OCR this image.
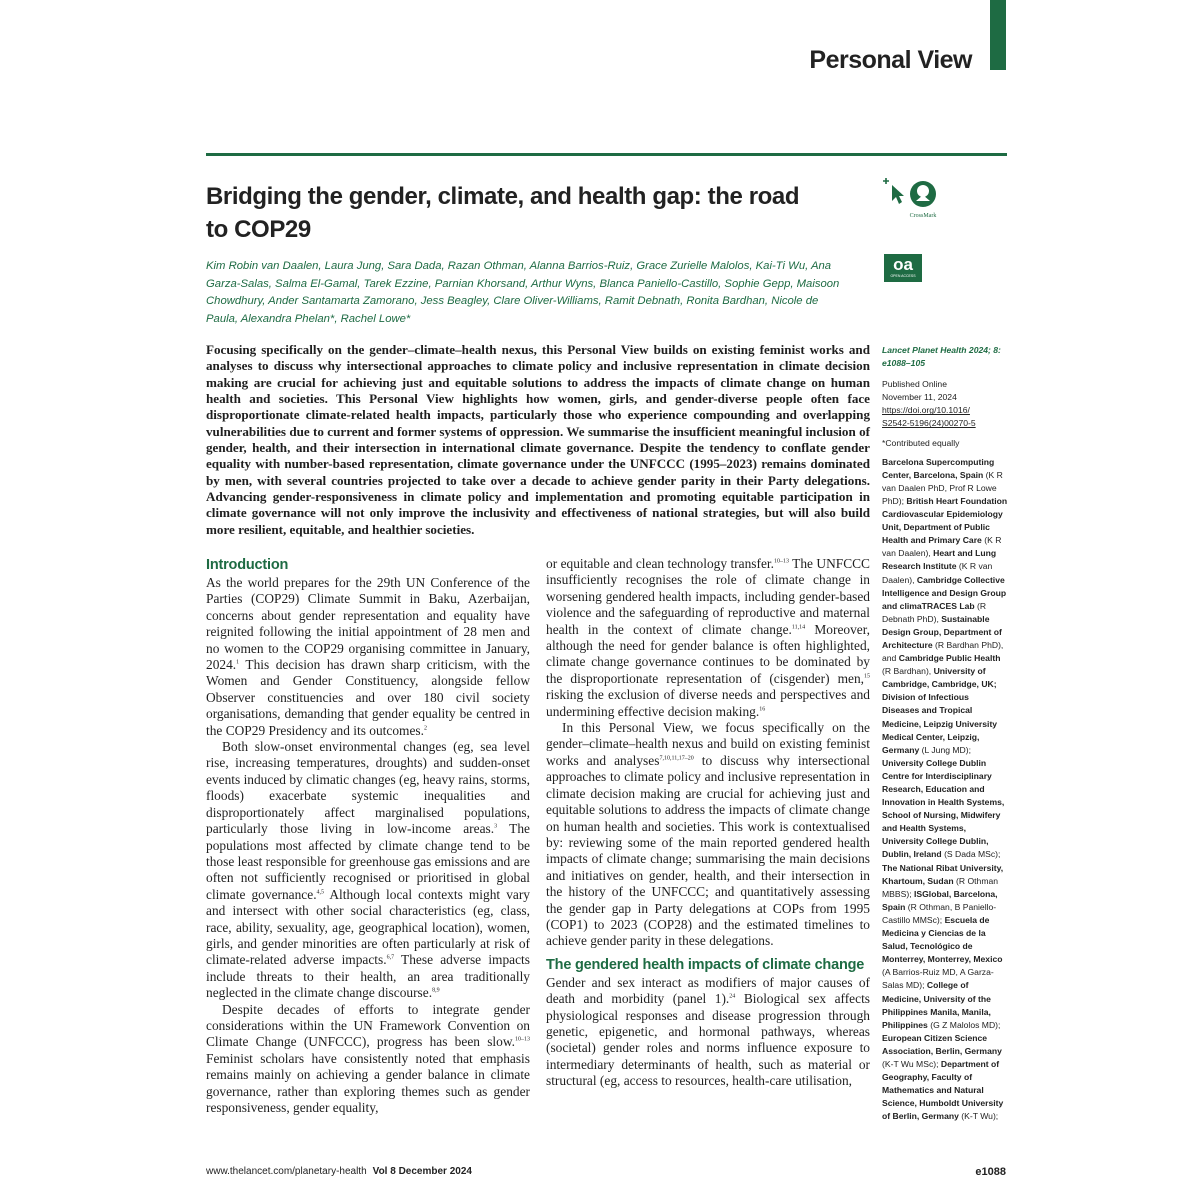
Personal View
Bridging the gender, climate, and health gap: the road to COP29	CrossMark
oa
OPEN ACCESS
Kim Robin van Daalen, Laura Jung, Sara Dada, Razan Othman, Alanna Barrios-Ruiz, Grace Zurielle Malolos, Kai-Ti Wu, Ana Garza-Salas, Salma El-Gamal, Tarek Ezzine, Parnian Khorsand, Arthur Wyns, Blanca Paniello-Castillo, Sophie Gepp, Maisoon Chowdhury, Ander Santamarta Zamorano, Jess Beagley, Clare Oliver-Williams, Ramit Debnath, Ronita Bardhan, Nicole de Paula, Alexandra Phelan*, Rachel Lowe*
Focusing specifically on the gender–climate–health nexus, this Personal View builds on existing feminist works and analyses to discuss why intersectional approaches to climate policy and inclusive representation in climate decision making are crucial for achieving just and equitable solutions to address the impacts of climate change on human health and societies. This Personal View highlights how women, girls, and gender-diverse people often face disproportionate climate-related health impacts, particularly those who experience compounding and overlapping vulnerabilities due to current and former systems of oppression. We summarise the insufficient meaningful inclusion of gender, health, and their intersection in international climate governance. Despite the tendency to conflate gender equality with number-based representation, climate governance under the UNFCCC (1995–2023) remains dominated by men, with several countries projected to take over a decade to achieve gender parity in their Party delegations. Advancing gender-responsiveness in climate policy and implementation and promoting equitable participation in climate governance will not only improve the inclusivity and effectiveness of national strategies, but will also build more resilient, equitable, and healthier societies.
Introduction

As the world prepares for the 29th UN Conference of the Parties (COP29) Climate Summit in Baku, Azerbaijan, concerns about gender representation and equality have reignited following the initial appointment of 28 men and no women to the COP29 organising committee in January, 2024.$^1$ This decision has drawn sharp criticism, with the Women and Gender Constituency, alongside fellow Observer constituencies and over 180 civil society organisations, demanding that gender equality be centred in the COP29 Presidency and its outcomes.$^2$

Both slow-onset environmental changes (eg, sea level rise, increasing temperatures, droughts) and sudden-onset events induced by climatic changes (eg, heavy rains, storms, floods) exacerbate systemic inequalities and disproportionately affect marginalised populations, particularly those living in low-income areas.$^3$ The populations most affected by climate change tend to be those least responsible for greenhouse gas emissions and are often not sufficiently recognised or prioritised in global climate governance.$^{4,5}$ Although local contexts might vary and intersect with other social characteristics (eg, class, race, ability, sexuality, age, geographical location), women, girls, and gender minorities are often particularly at risk of climate-related adverse impacts.$^{6,7}$ These adverse impacts include threats to their health, an area traditionally neglected in the climate change discourse.$^{8,9}$

Despite decades of efforts to integrate gender considerations within the UN Framework Convention on Climate Change (UNFCCC), progress has been slow.$^{10-13}$ Feminist scholars have consistently noted that emphasis remains mainly on achieving a gender balance in climate governance, rather than exploring themes such as gender responsiveness, gender equality,

or equitable and clean technology transfer.$^{10-13}$ The UNFCCC insufficiently recognises the role of climate change in worsening gendered health impacts, including gender-based violence and the safeguarding of reproductive and maternal health in the context of climate change.$^{11,14}$ Moreover, although the need for gender balance is often highlighted, climate change governance continues to be dominated by the disproportionate representation of (cisgender) men,$^{15}$ risking the exclusion of diverse needs and perspectives and undermining effective decision making.$^{16}$

In this Personal View, we focus specifically on the gender–climate–health nexus and build on existing feminist works and analyses$^{7,10,11,17-20}$ to discuss why intersectional approaches to climate policy and inclusive representation in climate decision making are crucial for achieving just and equitable solutions to address the impacts of climate change on human health and societies. This work is contextualised by: reviewing some of the main reported gendered health impacts of climate change; summarising the main decisions and initiatives on gender, health, and their intersection in the history of the UNFCCC; and quantitatively assessing the gender gap in Party delegations at COPs from 1995 (COP1) to 2023 (COP28) and the estimated timelines to achieve gender parity in these delegations.

The gendered health impacts of climate change

Gender and sex interact as modifiers of major causes of death and morbidity (panel 1).$^{24}$ Biological sex affects physiological responses and disease progression through genetic, epigenetic, and hormonal pathways, whereas (societal) gender roles and norms influence exposure to intermediary determinants of health, such as material or structural (eg, access to resources, health-care utilisation,

Lancet Planet Health 2024; 8: e1088–105
Published Online
November 11, 2024
https://doi.org/10.1016/
S2542-5196(24)00270-5
*Contributed equally
Barcelona Supercomputing Center, Barcelona, Spain (K R van Daalen PhD, Prof R Lowe PhD); British Heart Foundation Cardiovascular Epidemiology Unit, Department of Public Health and Primary Care (K R van Daalen), Heart and Lung Research Institute (K R van Daalen), Cambridge Collective Intelligence and Design Group and climaTRACES Lab (R Debnath PhD), Sustainable Design Group, Department of Architecture (R Bardhan PhD), and Cambridge Public Health (R Bardhan), University of Cambridge, Cambridge, UK; Division of Infectious Diseases and Tropical Medicine, Leipzig University Medical Center, Leipzig, Germany (L Jung MD); University College Dublin Centre for Interdisciplinary Research, Education and Innovation in Health Systems, School of Nursing, Midwifery and Health Systems, University College Dublin, Dublin, Ireland (S Dada MSc); The National Ribat University, Khartoum, Sudan (R Othman MBBS); ISGlobal, Barcelona, Spain (R Othman, B Paniello-Castillo MMSc); Escuela de Medicina y Ciencias de la Salud, Tecnológico de Monterrey, Monterrey, Mexico (A Barrios-Ruiz MD, A Garza-Salas MD); College of Medicine, University of the Philippines Manila, Manila, Philippines (G Z Malolos MD); European Citizen Science Association, Berlin, Germany (K-T Wu MSc); Department of Geography, Faculty of Mathematics and Natural Science, Humboldt University of Berlin, Germany (K-T Wu);
www.thelancet.com/planetary-health Vol 8 December 2024	e1088
